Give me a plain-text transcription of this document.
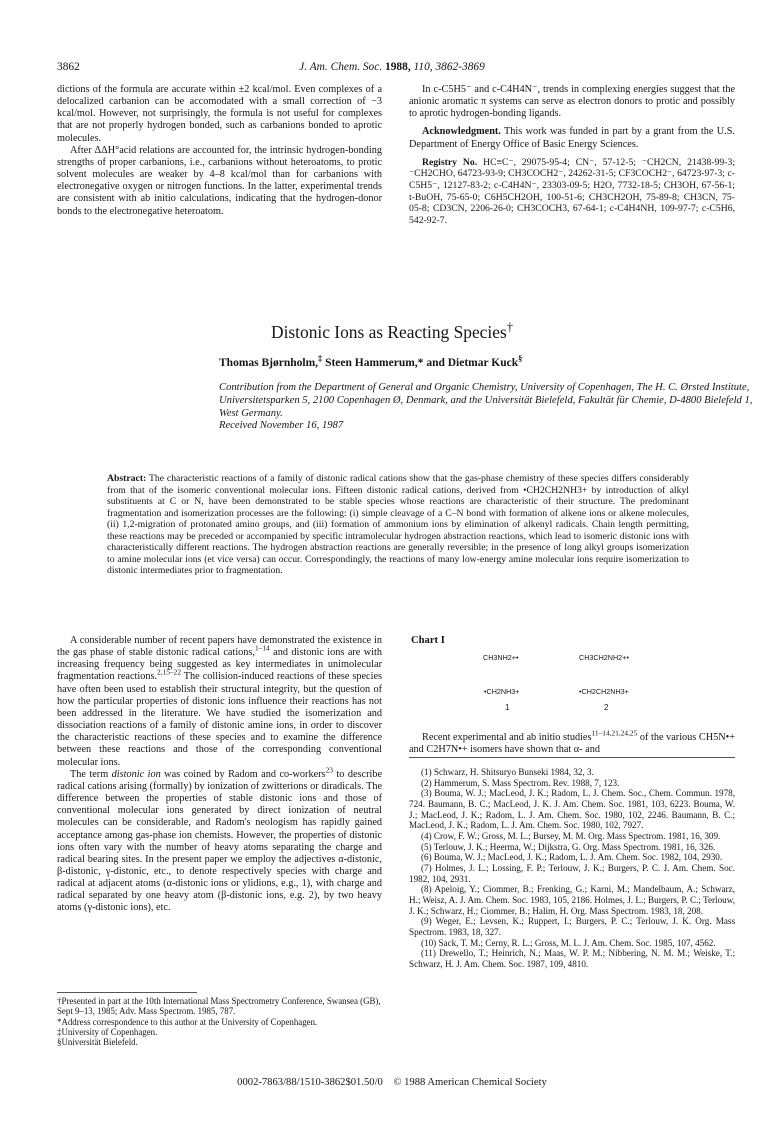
3862	J. Am. Chem. Soc. 1988, 110, 3862-3869

dictions of the formula are accurate within ±2 kcal/mol. Even complexes of a delocalized carbanion can be accomodated with a small correction of −3 kcal/mol. However, not surprisingly, the formula is not useful for complexes that are not properly hydrogen bonded, such as carbanions bonded to aprotic molecules.

After ΔΔH°acid relations are accounted for, the intrinsic hydrogen-bonding strengths of proper carbanions, i.e., carbanions without heteroatoms, to protic solvent molecules are weaker by 4–8 kcal/mol than for carbanions with electronegative oxygen or nitrogen functions. In the latter, experimental trends are consistent with ab initio calculations, indicating that the hydrogen-donor bonds to the electronegative heteroatom.

In c-C5H5⁻ and c-C4H4N⁻, trends in complexing energies suggest that the anionic aromatic π systems can serve as electron donors to protic and possibly to aprotic hydrogen-bonding ligands.

Acknowledgment. This work was funded in part by a grant from the U.S. Department of Energy Office of Basic Energy Sciences.

Registry No. HC≡C⁻, 29075-95-4; CN⁻, 57-12-5; ⁻CH2CN, 21438-99-3; ⁻CH2CHO, 64723-93-9; CH3COCH2⁻, 24262-31-5; CF3COCH2⁻, 64723-97-3; c-C5H5⁻, 12127-83-2; c-C4H4N⁻, 23303-09-5; H2O, 7732-18-5; CH3OH, 67-56-1; t-BuOH, 75-65-0; C6H5CH2OH, 100-51-6; CH3CH2OH, 75-89-8; CH3CN, 75-05-8; CD3CN, 2206-26-0; CH3COCH3, 67-64-1; c-C4H4NH, 109-97-7; c-C5H6, 542-92-7.

Distonic Ions as Reacting Species†
Thomas Bjørnholm,‡ Steen Hammerum,* and Dietmar Kuck§
Contribution from the Department of General and Organic Chemistry, University of Copenhagen, The H. C. Ørsted Institute, Universitetsparken 5, 2100 Copenhagen Ø, Denmark, and the Universität Bielefeld, Fakultät für Chemie, D-4800 Bielefeld 1, West Germany.
Received November 16, 1987
Abstract: The characteristic reactions of a family of distonic radical cations show that the gas-phase chemistry of these species differs considerably from that of the isomeric conventional molecular ions. Fifteen distonic radical cations, derived from •CH2CH2NH3+ by introduction of alkyl substituents at C or N, have been demonstrated to be stable species whose reactions are characteristic of their structure. The predominant fragmentation and isomerization processes are the following: (i) simple cleavage of a C–N bond with formation of alkene ions or alkene molecules, (ii) 1,2-migration of protonated amino groups, and (iii) formation of ammonium ions by elimination of alkenyl radicals. Chain length permitting, these reactions may be preceded or accompanied by specific intramolecular hydrogen abstraction reactions, which lead to isomeric distonic ions with characteristically different reactions. The hydrogen abstraction reactions are generally reversible; in the presence of long alkyl groups isomerization to amine molecular ions (et vice versa) can occur. Correspondingly, the reactions of many low-energy amine molecular ions require isomerization to distonic intermediates prior to fragmentation.

A considerable number of recent papers have demonstrated the existence in the gas phase of stable distonic radical cations,$^{1-14}$ and distonic ions are with increasing frequency being suggested as key intermediates in unimolecular fragmentation reactions.$^{2,15-22}$ The collision-induced reactions of these species have often been used to establish their structural integrity, but the question of how the particular properties of distonic ions influence their reactions has not been addressed in the literature. We have studied the isomerization and dissociation reactions of a family of distonic amine ions, in order to discover the characteristic reactions of these species and to examine the difference between these reactions and those of the corresponding conventional molecular ions.

The term distonic ion was coined by Radom and co-workers$^{23}$ to describe radical cations arising (formally) by ionization of zwitterions or diradicals. The difference between the properties of stable distonic ions and those of conventional molecular ions generated by direct ionization of neutral molecules can be considerable, and Radom's neologism has rapidly gained acceptance among gas-phase ion chemists. However, the properties of distonic ions often vary with the number of heavy atoms separating the charge and radical bearing sites. In the present paper we employ the adjectives α-distonic, β-distonic, γ-distonic, etc., to denote respectively species with charge and radical at adjacent atoms (α-distonic ions or ylidions, e.g., 1), with charge and radical separated by one heavy atom (β-distonic ions, e.g. 2), by two heavy atoms (γ-distonic ions), etc.

†Presented in part at the 10th International Mass Spectrometry Conference, Swansea (GB), Sept 9–13, 1985; Adv. Mass Spectrom. 1985, 787.

*Address correspondence to this author at the University of Copenhagen.

‡University of Copenhagen.

§Universität Bielefeld.

Chart I
CH3NH2+•	CH3CH2NH2+•
•CH2NH3+	•CH2CH2NH3+
1	2

Recent experimental and ab initio studies$^{11-14,21,24,25}$ of the various CH5N•+ and C2H7N•+ isomers have shown that α- and

(1) Schwarz, H. Shitsuryo Bunseki 1984, 32, 3.

(2) Hammerum, S. Mass Spectrom. Rev. 1988, 7, 123.

(3) Bouma, W. J.; MacLeod, J. K.; Radom, L. J. Chem. Soc., Chem. Commun. 1978, 724. Baumann, B. C.; MacLeod, J. K. J. Am. Chem. Soc. 1981, 103, 6223. Bouma, W. J.; MacLeod, J. K.; Radom, L. J. Am. Chem. Soc. 1980, 102, 2246. Baumann, B. C.; MacLeod, J. K.; Radom, L. J. Am. Chem. Soc. 1980, 102, 7927.

(4) Crow, F. W.; Gross, M. L.; Bursey, M. M. Org. Mass Spectrom. 1981, 16, 309.

(5) Terlouw, J. K.; Heerma, W.; Dijkstra, G. Org. Mass Spectrom. 1981, 16, 326.

(6) Bouma, W. J.; MacLeod, J. K.; Radom, L. J. Am. Chem. Soc. 1982, 104, 2930.

(7) Holmes, J. L.; Lossing, F. P.; Terlouw, J. K.; Burgers, P. C. J. Am. Chem. Soc. 1982, 104, 2931.

(8) Apeloig, Y.; Ciommer, B.; Frenking, G.; Karni, M.; Mandelbaum, A.; Schwarz, H.; Weisz, A. J. Am. Chem. Soc. 1983, 105, 2186. Holmes, J. L.; Burgers, P. C.; Terlouw, J. K.; Schwarz, H.; Ciommer, B.; Halim, H. Org. Mass Spectrom. 1983, 18, 208.

(9) Weger, E.; Levsen, K.; Ruppert, I.; Burgers, P. C.; Terlouw, J. K. Org. Mass Spectrom. 1983, 18, 327.

(10) Sack, T. M.; Cerny, R. L.; Gross, M. L. J. Am. Chem. Soc. 1985, 107, 4562.

(11) Drewello, T.; Heinrich, N.; Maas, W. P. M.; Nibbering, N. M. M.; Weiske, T.; Schwarz, H. J. Am. Chem. Soc. 1987, 109, 4810.

0002-7863/88/1510-3862$01.50/0 © 1988 American Chemical Society
